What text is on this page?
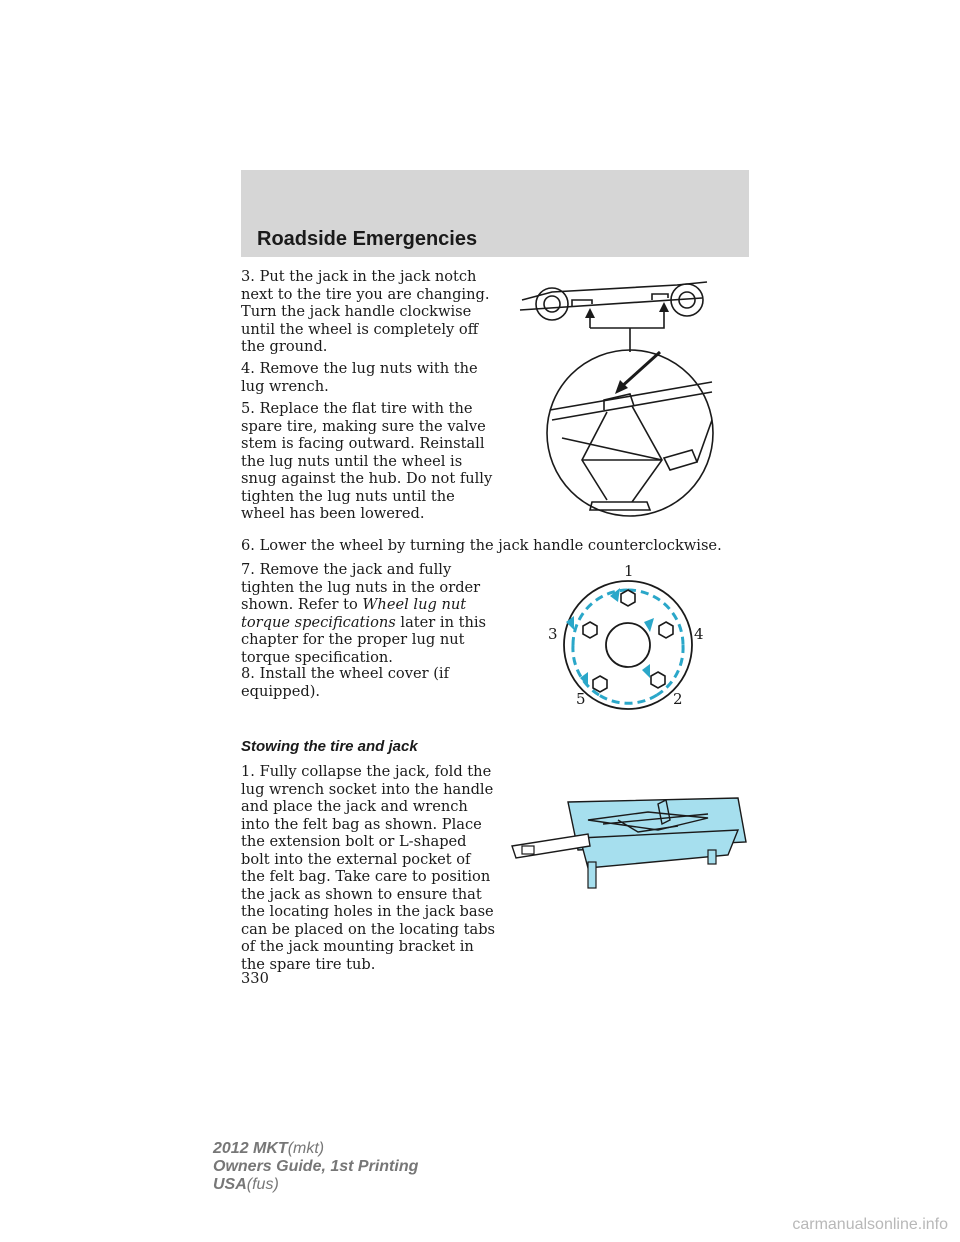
Roadside Emergencies

3. Put the jack in the jack notch next to the tire you are changing. Turn the jack handle clockwise until the wheel is completely off the ground.

4. Remove the lug nuts with the lug wrench.

5. Replace the flat tire with the spare tire, making sure the valve stem is facing outward. Reinstall the lug nuts until the wheel is snug against the hub. Do not fully tighten the lug nuts until the wheel has been lowered.

6. Lower the wheel by turning the jack handle counterclockwise.

7. Remove the jack and fully tighten the lug nuts in the order shown. Refer to Wheel lug nut torque specifications later in this chapter for the proper lug nut torque specification.

8. Install the wheel cover (if equipped).

Stowing the tire and jack

1. Fully collapse the jack, fold the lug wrench socket into the handle and place the jack and wrench into the felt bag as shown. Place the extension bolt or L-shaped bolt into the external pocket of the felt bag. Take care to position the jack as shown to ensure that the locating holes in the jack base can be placed on the locating tabs of the jack mounting bracket in the spare tire tub.

330
1
3	4
5	2
2012 MKT(mkt)
Owners Guide, 1st Printing
USA(fus)
carmanualsonline.info
